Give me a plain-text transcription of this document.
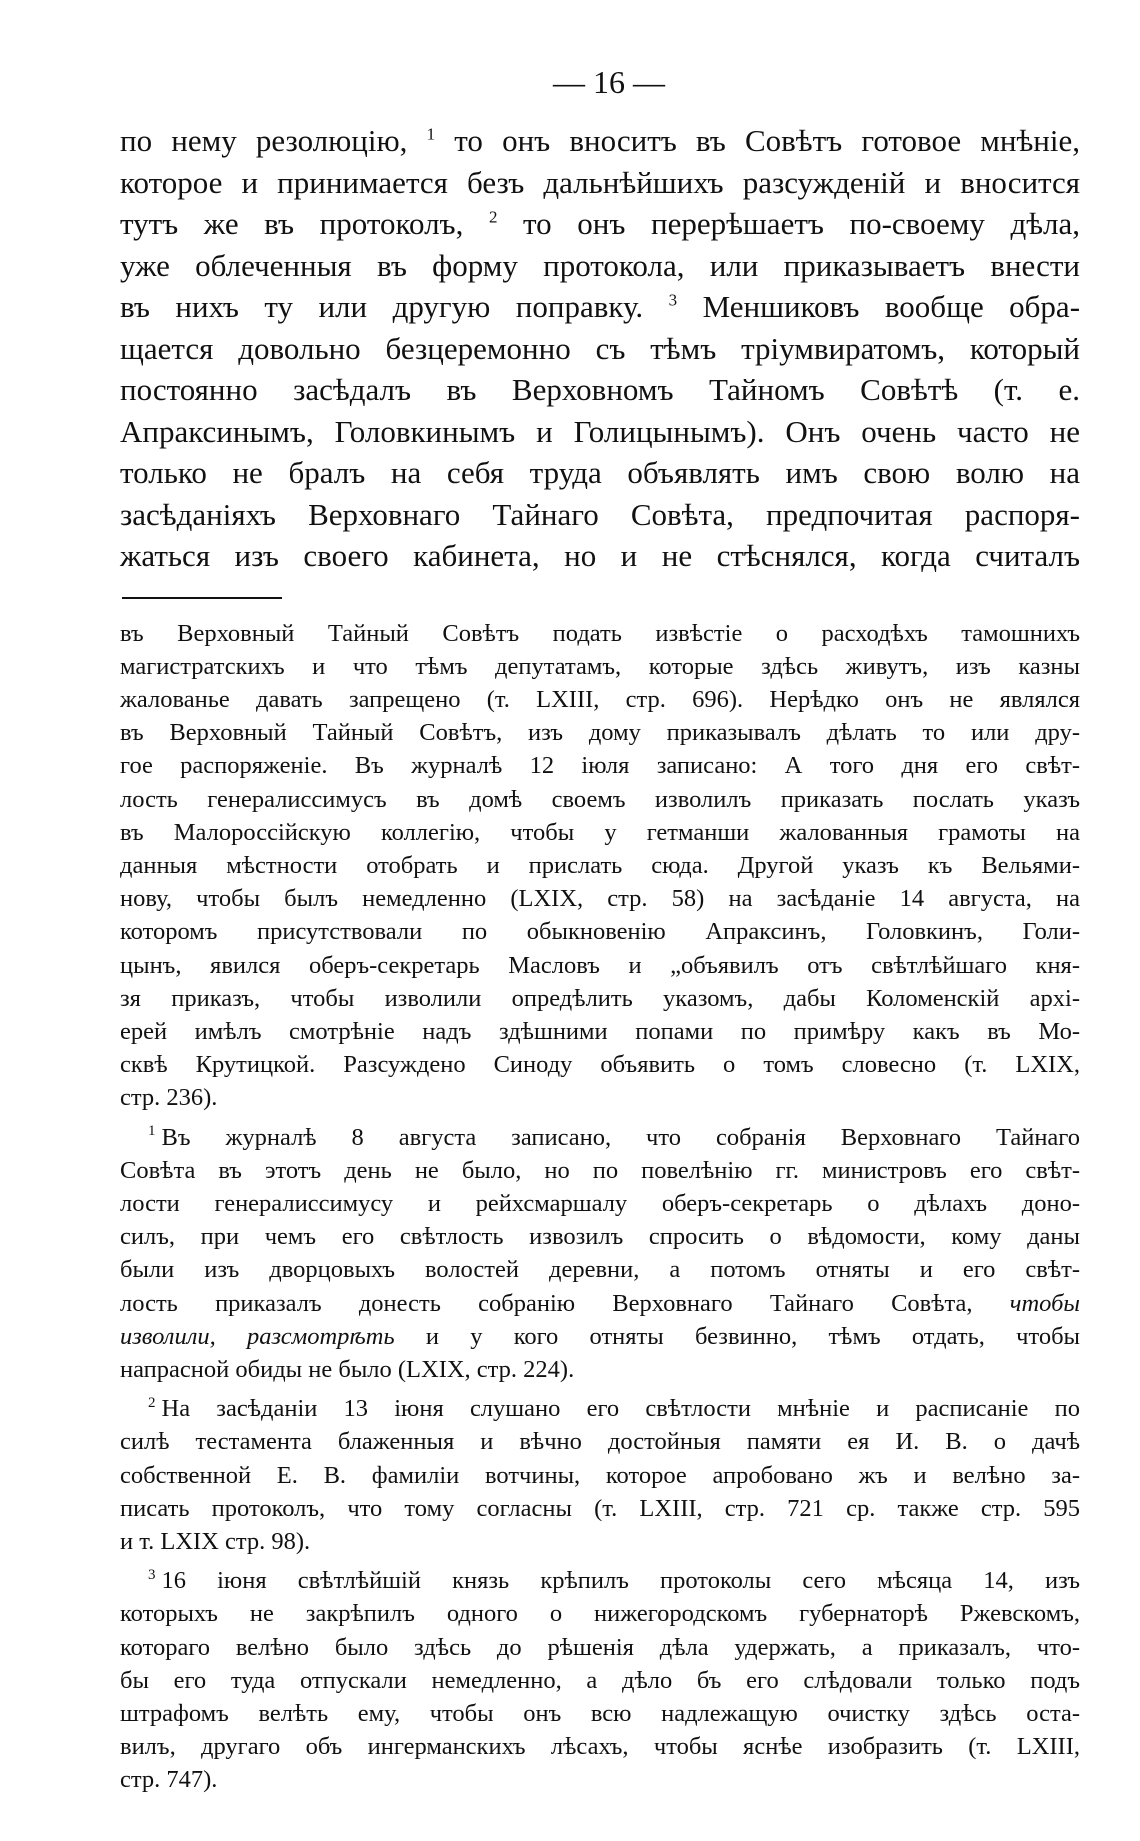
— 16 —
по нему резолюцію, $^1$ то онъ вноситъ въ Совѣтъ готовое мнѣніе,
которое и принимается безъ дальнѣйшихъ разсужденій и вносится
тутъ же въ протоколъ, $^2$ то онъ перерѣшаетъ по-своему дѣла,
уже облеченныя въ форму протокола, или приказываетъ внести
въ нихъ ту или другую поправку. $^3$ Меншиковъ вообще обра-
щается довольно безцеремонно съ тѣмъ тріумвиратомъ, который
постоянно засѣдалъ въ Верховномъ Тайномъ Совѣтѣ (т. е.
Апраксинымъ, Головкинымъ и Голицынымъ). Онъ очень часто не
только не бралъ на себя труда объявлять имъ свою волю на
засѣданіяхъ Верховнаго Тайнаго Совѣта, предпочитая распоря-
жаться изъ своего кабинета, но и не стѣснялся, когда считалъ
въ Верховный Тайный Совѣтъ подать извѣстіе о расходѣхъ тамошнихъ
магистратскихъ и что тѣмъ депутатамъ, которые здѣсь живутъ, изъ казны
жалованье давать запрещено (т. LXIII, стр. 696). Нерѣдко онъ не являлся
въ Верховный Тайный Совѣтъ, изъ дому приказывалъ дѣлать то или дру-
гое распоряженіе. Въ журналѣ 12 іюля записано: А того дня его свѣт-
лость генералиссимусъ въ домѣ своемъ изволилъ приказать послать указъ
въ Малороссійскую коллегію, чтобы у гетманши жалованныя грамоты на
данныя мѣстности отобрать и прислать сюда. Другой указъ къ Вельями-
нову, чтобы былъ немедленно (LXIX, стр. 58) на засѣданіе 14 августа, на
которомъ присутствовали по обыкновенію Апраксинъ, Головкинъ, Голи-
цынъ, явился оберъ-секретарь Масловъ и „объявилъ отъ свѣтлѣйшаго кня-
зя приказъ, чтобы изволили опредѣлить указомъ, дабы Коломенскій архі-
ерей имѣлъ смотрѣніе надъ здѣшними попами по примѣру какъ въ Мо-
сквѣ Крутицкой. Разсуждено Синоду объявить о томъ словесно (т. LXIX,
стр. 236).
$^1$ Въ журналѣ 8 августа записано, что собранія Верховнаго Тайнаго
Совѣта въ этотъ день не было, но по повелѣнію гг. министровъ его свѣт-
лости генералиссимусу и рейхсмаршалу оберъ-секретарь о дѣлахъ доно-
силъ, при чемъ его свѣтлость извозилъ спросить о вѣдомости, кому даны
были изъ дворцовыхъ волостей деревни, а потомъ отняты и его свѣт-
лость приказалъ донесть собранію Верховнаго Тайнаго Совѣта, чтобы
изволили, разсмотрѣть и у кого отняты безвинно, тѣмъ отдать, чтобы
напрасной обиды не было (LXIX, стр. 224).
$^2$ На засѣданіи 13 іюня слушано его свѣтлости мнѣніе и расписаніе по
силѣ тестамента блаженныя и вѣчно достойныя памяти ея И. В. о дачѣ
собственной Е. В. фамиліи вотчины, которое апробовано жъ и велѣно за-
писать протоколъ, что тому согласны (т. LXIII, стр. 721 ср. также стр. 595
и т. LXIX стр. 98).
$^3$ 16 іюня свѣтлѣйшій князь крѣпилъ протоколы сего мѣсяца 14, изъ
которыхъ не закрѣпилъ одного о нижегородскомъ губернаторѣ Ржевскомъ,
котораго велѣно было здѣсь до рѣшенія дѣла удержать, а приказалъ, что-
бы его туда отпускали немедленно, а дѣло бъ его слѣдовали только подъ
штрафомъ велѣть ему, чтобы онъ всю надлежащую очистку здѣсь оста-
вилъ, другаго объ ингерманскихъ лѣсахъ, чтобы яснѣе изобразить (т. LXIII,
стр. 747).
